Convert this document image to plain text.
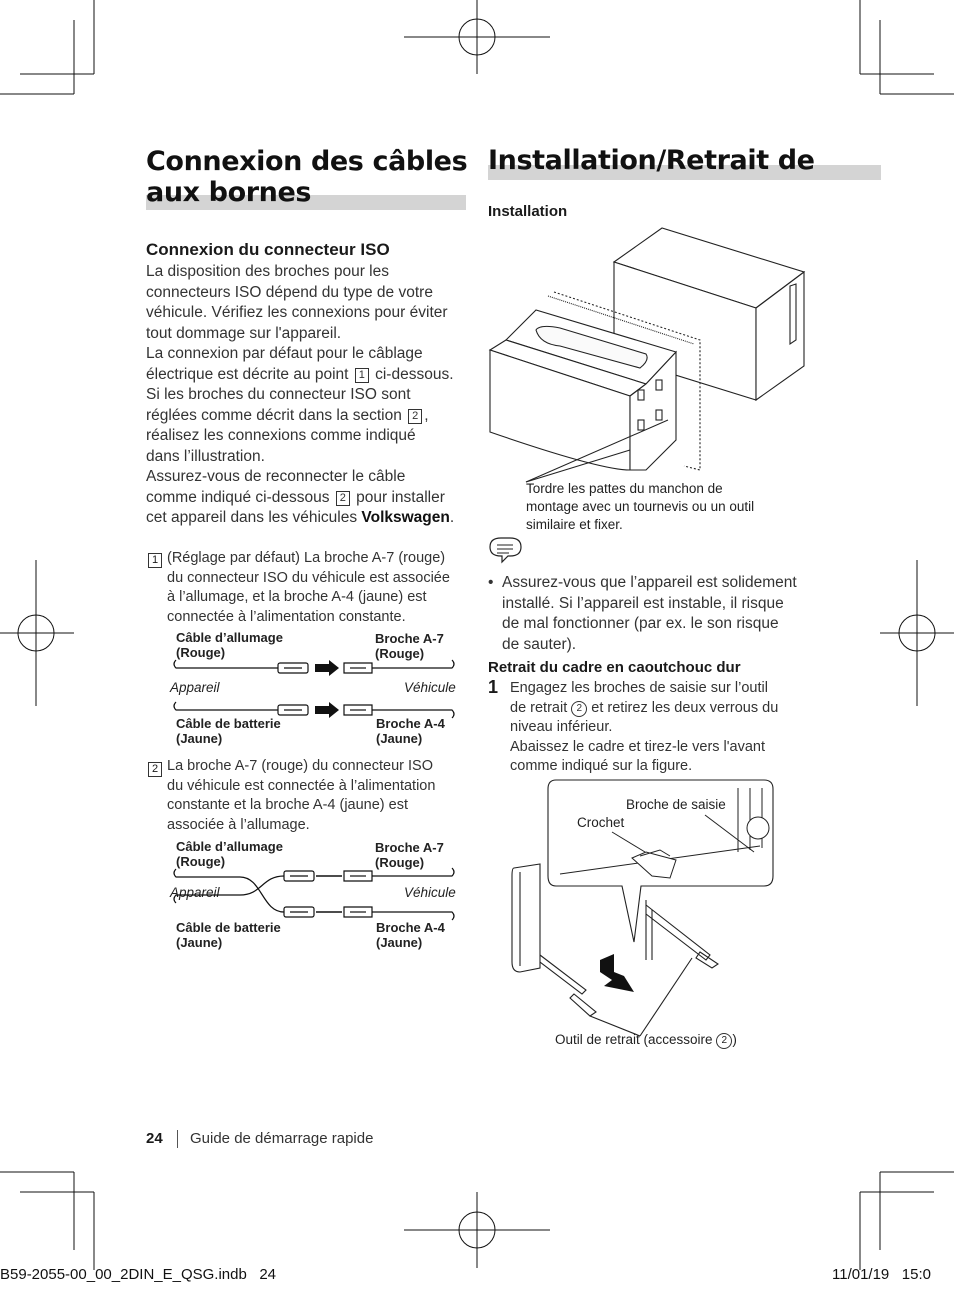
Connexion des câbles
aux bornes
Connexion du connecteur ISO
La disposition des broches pour les
connecteurs ISO dépend du type de votre
véhicule. Vérifiez les connexions pour éviter
tout dommage sur l'appareil.
La connexion par défaut pour le câblage
électrique est décrite au point 1 ci-dessous.
Si les broches du connecteur ISO sont
réglées comme décrit dans la section 2 ,
réalisez les connexions comme indiqué
dans l’illustration.
Assurez-vous de reconnecter le câble
comme indiqué ci-dessous 2 pour installer
cet appareil dans les véhicules Volkswagen.
1 (Réglage par défaut) La broche A-7 (rouge)
du connecteur ISO du véhicule est associée
à l’allumage, et la broche A-4 (jaune) est
connectée à l’alimentation constante.
Câble d’allumage
(Rouge)
Broche A-7
(Rouge)
Appareil	Véhicule
Câble de batterie
(Jaune)
Broche A-4
(Jaune)
2 La broche A-7 (rouge) du connecteur ISO
du véhicule est connectée à l’alimentation
constante et la broche A-4 (jaune) est
associée à l’allumage.
Câble d’allumage
(Rouge)
Broche A-7
(Rouge)
Appareil	Véhicule
Câble de batterie
(Jaune)
Broche A-4
(Jaune)
Installation/Retrait de
Installation
Tordre les pattes du manchon de
montage avec un tournevis ou un outil
similaire et fixer.
• Assurez-vous que l’appareil est solidement
installé. Si l’appareil est instable, il risque
de mal fonctionner (par ex. le son risque
de sauter).
Retrait du cadre en caoutchouc dur
1 Engagez les broches de saisie sur l’outil
de retrait 2 et retirez les deux verrous du
niveau inférieur.
Abaissez le cadre et tirez-le vers l'avant
comme indiqué sur la figure.
Broche de saisie
Crochet
Outil de retrait (accessoire 2 )
24 Guide de démarrage rapide
B59-2055-00_00_2DIN_E_QSG.indb   24	11/01/19   15:0
